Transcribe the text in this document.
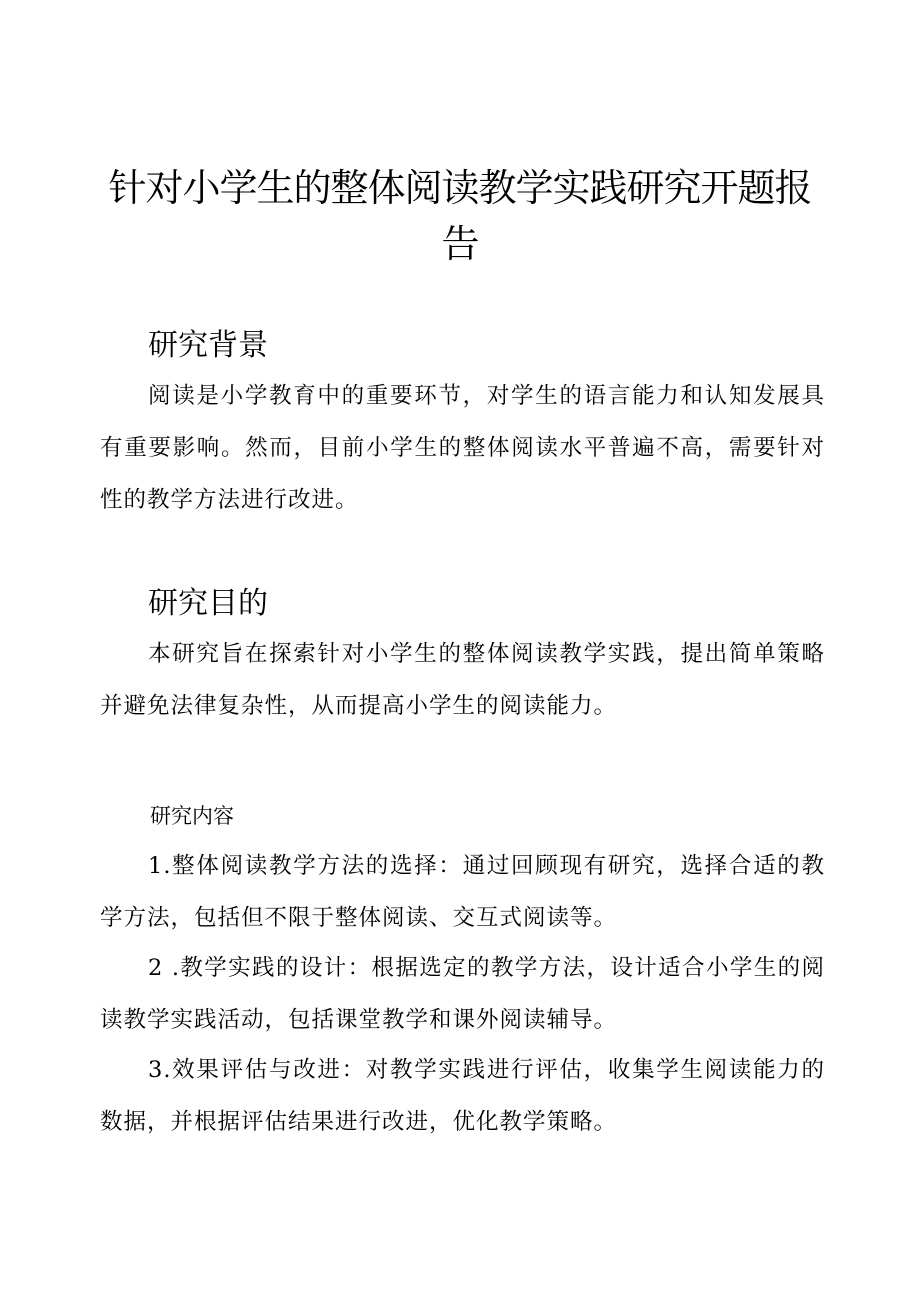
针对小学生的整体阅读教学实践研究开题报告
研究背景

阅读是小学教育中的重要环节，对学生的语言能力和认知发展具有重要影响。然而，目前小学生的整体阅读水平普遍不高，需要针对性的教学方法进行改进。

研究目的

本研究旨在探索针对小学生的整体阅读教学实践，提出简单策略并避免法律复杂性，从而提高小学生的阅读能力。

研究内容

1.整体阅读教学方法的选择：通过回顾现有研究，选择合适的教学方法，包括但不限于整体阅读、交互式阅读等。

2 .教学实践的设计：根据选定的教学方法，设计适合小学生的阅读教学实践活动，包括课堂教学和课外阅读辅导。

3.效果评估与改进：对教学实践进行评估，收集学生阅读能力的数据，并根据评估结果进行改进，优化教学策略。
